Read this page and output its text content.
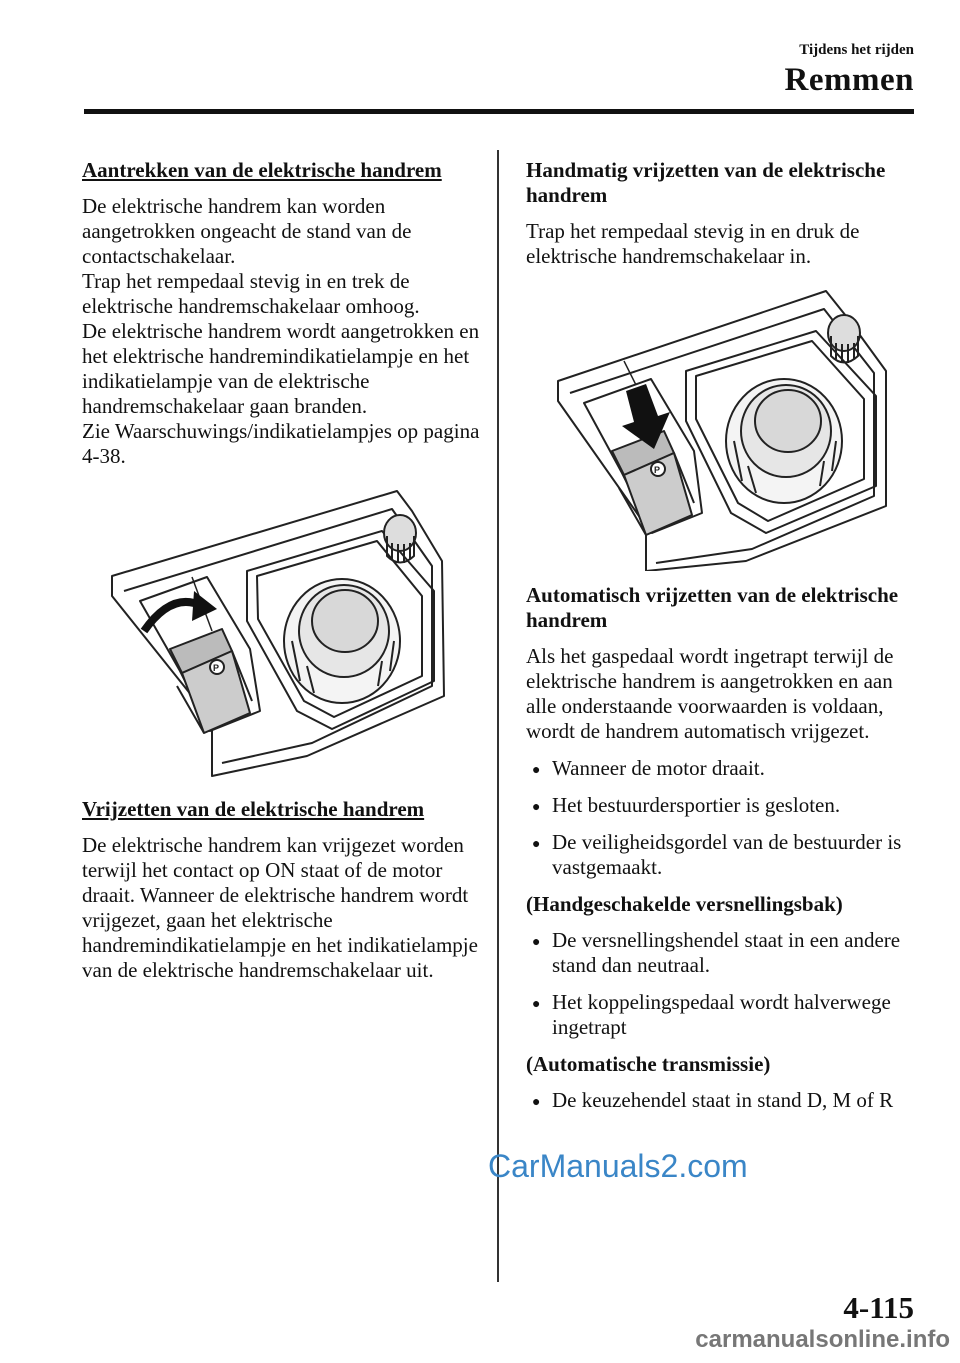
Tijdens het rijden
Remmen
Aantrekken van de elektrische handrem
De elektrische handrem kan worden aangetrokken ongeacht de stand van de contactschakelaar.
Trap het rempedaal stevig in en trek de elektrische handremschakelaar omhoog.
De elektrische handrem wordt aangetrokken en het elektrische handremindikatielampje en het indikatielampje van de elektrische handremschakelaar gaan branden.
Zie Waarschuwings/indikatielampjes op pagina 4-38.
P
Vrijzetten van de elektrische handrem
De elektrische handrem kan vrijgezet worden terwijl het contact op ON staat of de motor draait. Wanneer de elektrische handrem wordt vrijgezet, gaan het elektrische handremindikatielampje en het indikatielampje van de elektrische handremschakelaar uit.
Handmatig vrijzetten van de elektrische handrem
Trap het rempedaal stevig in en druk de elektrische handremschakelaar in.
P
Automatisch vrijzetten van de elektrische handrem
Als het gaspedaal wordt ingetrapt terwijl de elektrische handrem is aangetrokken en aan alle onderstaande voorwaarden is voldaan, wordt de handrem automatisch vrijgezet.
● Wanneer de motor draait.
● Het bestuurdersportier is gesloten.
● De veiligheidsgordel van de bestuurder is vastgemaakt.
(Handgeschakelde versnellingsbak)
● De versnellingshendel staat in een andere stand dan neutraal.
● Het koppelingspedaal wordt halverwege ingetrapt
(Automatische transmissie)
● De keuzehendel staat in stand D, M of R
CarManuals2.com
4-115
carmanualsonline.info
